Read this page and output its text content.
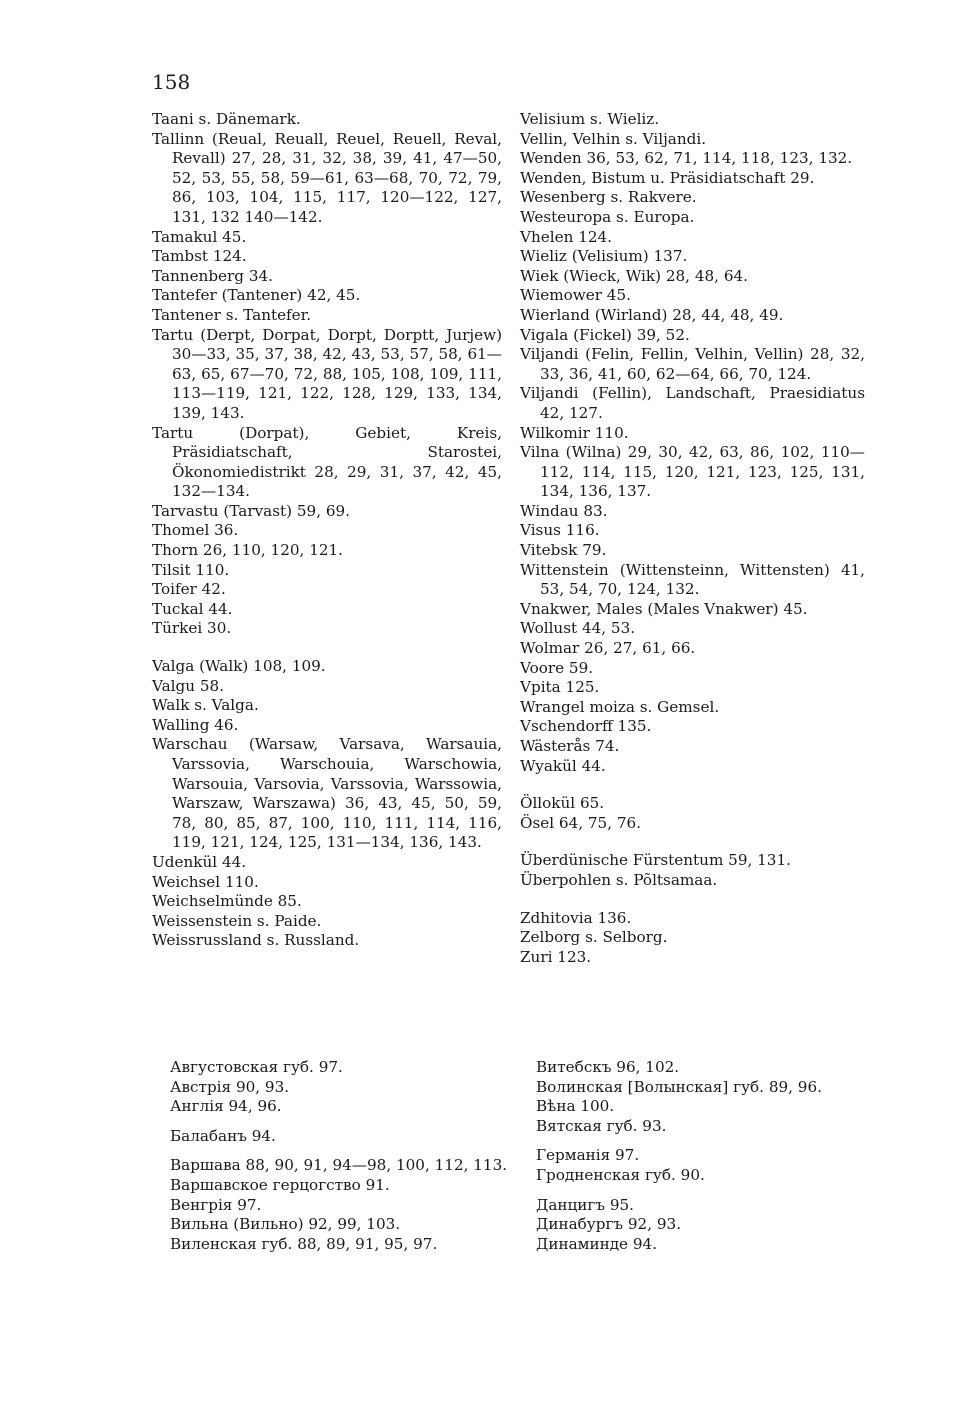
158
Taani s. Dänemark.
Tallinn (Reual, Reuall, Reuel, Reuell, Reval, Revall) 27, 28, 31, 32, 38, 39, 41, 47—50, 52, 53, 55, 58, 59—61, 63—68, 70, 72, 79, 86, 103, 104, 115, 117, 120—122, 127, 131, 132 140—142.
Tamakul 45.
Tambst 124.
Tannenberg 34.
Tantefer (Tantener) 42, 45.
Tantener s. Tantefer.
Tartu (Derpt, Dorpat, Dorpt, Dorptt, Jurjew) 30—33, 35, 37, 38, 42, 43, 53, 57, 58, 61—63, 65, 67—70, 72, 88, 105, 108, 109, 111, 113—119, 121, 122, 128, 129, 133, 134, 139, 143.
Tartu (Dorpat), Gebiet, Kreis, Präsidiatschaft, Starostei, Ökonomiedistrikt 28, 29, 31, 37, 42, 45, 132—134.
Tarvastu (Tarvast) 59, 69.
Thomel 36.
Thorn 26, 110, 120, 121.
Tilsit 110.
Toifer 42.
Tuckal 44.
Türkei 30.
Valga (Walk) 108, 109.
Valgu 58.
Walk s. Valga.
Walling 46.
Warschau (Warsaw, Varsava, Warsauia, Varssovia, Warschouia, Warschowia, Warsouia, Varsovia, Varssovia, Warssowia, Warszaw, Warszawa) 36, 43, 45, 50, 59, 78, 80, 85, 87, 100, 110, 111, 114, 116, 119, 121, 124, 125, 131—134, 136, 143.
Udenkül 44.
Weichsel 110.
Weichselmünde 85.
Weissenstein s. Paide.
Weissrussland s. Russland.
Velisium s. Wieliz.
Vellin, Velhin s. Viljandi.
Wenden 36, 53, 62, 71, 114, 118, 123, 132.
Wenden, Bistum u. Präsidiatschaft 29.
Wesenberg s. Rakvere.
Westeuropa s. Europa.
Vhelen 124.
Wieliz (Velisium) 137.
Wiek (Wieck, Wik) 28, 48, 64.
Wiemower 45.
Wierland (Wirland) 28, 44, 48, 49.
Vigala (Fickel) 39, 52.
Viljandi (Felin, Fellin, Velhin, Vellin) 28, 32, 33, 36, 41, 60, 62—64, 66, 70, 124.
Viljandi (Fellin), Landschaft, Praesidiatus 42, 127.
Wilkomir 110.
Vilna (Wilna) 29, 30, 42, 63, 86, 102, 110—112, 114, 115, 120, 121, 123, 125, 131, 134, 136, 137.
Windau 83.
Visus 116.
Vitebsk 79.
Wittenstein (Wittensteinn, Wittensten) 41, 53, 54, 70, 124, 132.
Vnakwer, Males (Males Vnakwer) 45.
Wollust 44, 53.
Wolmar 26, 27, 61, 66.
Voore 59.
Vpita 125.
Wrangel moiza s. Gemsel.
Vschendorff 135.
Wästerås 74.
Wyakül 44.
Öllokül 65.
Ösel 64, 75, 76.
Überdünische Fürstentum 59, 131.
Überpohlen s. Põltsamaa.
Zdhitovia 136.
Zelborg s. Selborg.
Zuri 123.
Августовская губ. 97.
Австрія 90, 93.
Англія 94, 96.
Балабанъ 94.
Варшава 88, 90, 91, 94—98, 100, 112, 113.
Варшавское герцогство 91.
Венгрія 97.
Вильна (Вильно) 92, 99, 103.
Виленская губ. 88, 89, 91, 95, 97.
Витебскъ 96, 102.
Волинская [Волынская] губ. 89, 96.
Вѣна 100.
Вятская губ. 93.
Германія 97.
Гродненская губ. 90.
Данцигъ 95.
Динабургъ 92, 93.
Динаминде 94.
